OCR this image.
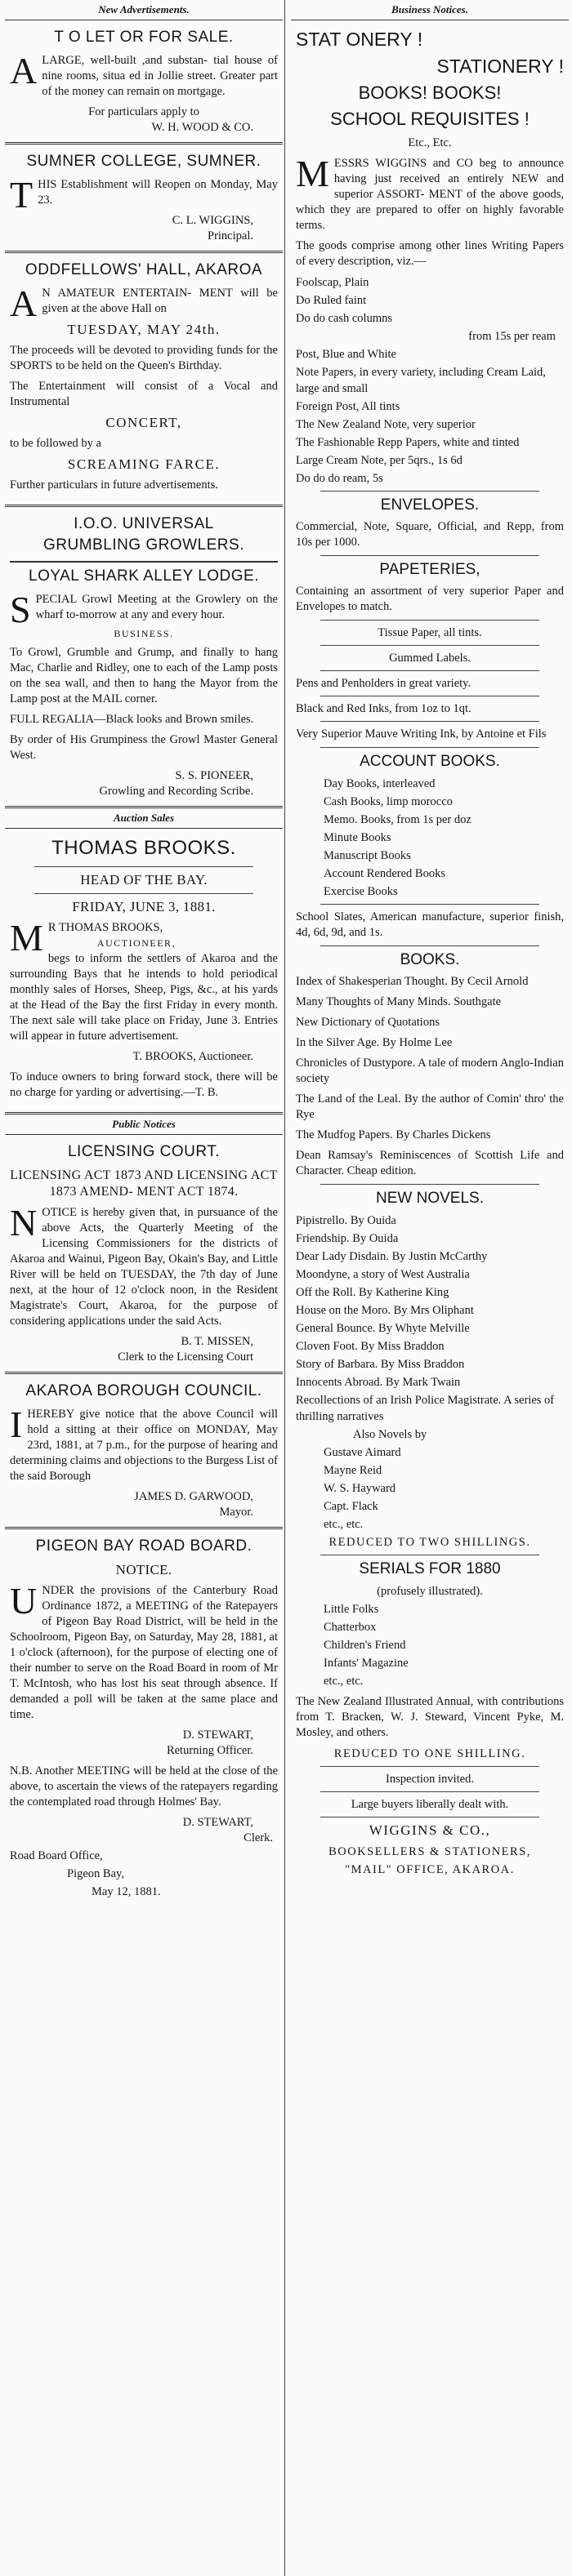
New Advertisements.
T O LET OR FOR SALE.
ALARGE, well-built ,and substan- tial house of nine rooms, situa ed in Jollie street. Greater part of the money can remain on mortgage.
For particulars apply to
W. H. WOOD & CO.
SUMNER COLLEGE, SUMNER.
THIS Establishment will Reopen on Monday, May 23.
C. L. WIGGINS,
Principal.
ODDFELLOWS' HALL, AKAROA
A N AMATEUR ENTERTAIN- MENT will be given at the above Hall on
TUESDAY, MAY 24th.
The proceeds will be devoted to providing funds for the SPORTS to be held on the Queen's Birthday.
The Entertainment will consist of a Vocal and Instrumental
CONCERT,
to be followed by a
SCREAMING FARCE.
Further particulars in future advertisements.
I.O.O. UNIVERSAL
GRUMBLING GROWLERS.
LOYAL SHARK ALLEY LODGE.
SPECIAL Growl Meeting at the Growlery on the wharf to-morrow at any and every hour.
BUSINESS.
To Growl, Grumble and Grump, and finally to hang Mac, Charlie and Ridley, one to each of the Lamp posts on the sea wall, and then to hang the Mayor from the Lamp post at the MAIL corner.
FULL REGALIA—Black looks and Brown smiles.
By order of His Grumpiness the Growl Master General West.
S. S. PIONEER,
Growling and Recording Scribe.
Auction Sales
THOMAS BROOKS.
HEAD OF THE BAY.
FRIDAY, JUNE 3, 1881.
M R THOMAS BROOKS,
AUCTIONEER,
begs to inform the settlers of Akaroa and the surrounding Bays that he intends to hold periodical monthly sales of Horses, Sheep, Pigs, &c., at his yards at the Head of the Bay the first Friday in every month. The next sale will take place on Friday, June 3. Entries will appear in future advertisement.
T. BROOKS, Auctioneer.
To induce owners to bring forward stock, there will be no charge for yarding or advertising.—T. B.
Public Notices
LICENSING COURT.
LICENSING ACT 1873 AND LICENSING ACT 1873 AMEND- MENT ACT 1874.
NOTICE is hereby given that, in pursuance of the above Acts, the Quarterly Meeting of the Licensing Commissioners for the districts of Akaroa and Wainui, Pigeon Bay, Okain's Bay, and Little River will be held on TUESDAY, the 7th day of June next, at the hour of 12 o'clock noon, in the Resident Magistrate's Court, Akaroa, for the purpose of considering applications under the said Acts.
B. T. MISSEN,
Clerk to the Licensing Court
AKAROA BOROUGH COUNCIL.
IHEREBY give notice that the above Council will hold a sitting at their office on MONDAY, May 23rd, 1881, at 7 p.m., for the purpose of hearing and determining claims and objections to the Burgess List of the said Borough
JAMES D. GARWOOD,
Mayor.
PIGEON BAY ROAD BOARD.
NOTICE.
UNDER the provisions of the Canterbury Road Ordinance 1872, a MEETING of the Ratepayers of Pigeon Bay Road District, will be held in the Schoolroom, Pigeon Bay, on Saturday, May 28, 1881, at 1 o'clock (afternoon), for the purpose of electing one of their number to serve on the Road Board in room of Mr T. McIntosh, who has lost his seat through absence. If demanded a poll will be taken at the same place and time.
D. STEWART,
Returning Officer.
N.B. Another MEETING will be held at the close of the above, to ascertain the views of the ratepayers regarding the contemplated road through Holmes' Bay.
D. STEWART,
Clerk.
Road Board Office,
Pigeon Bay,
May 12, 1881.
Business Notices.
STAT ONERY !
STATIONERY !
BOOKS! BOOKS!
SCHOOL REQUISITES !
Etc., Etc.
MESSRS WIGGINS and CO beg to announce having just received an entirely NEW and superior ASSORT- MENT of the above goods, which they are prepared to offer on highly favorable terms.
The goods comprise among other lines Writing Papers of every description, viz.—
Foolscap, Plain
Do Ruled faint
Do do cash columns
from 15s per ream
Post, Blue and White
Note Papers, in every variety, including Cream Laid, large and small
Foreign Post, All tints
The New Zealand Note, very superior
The Fashionable Repp Papers, white and tinted
Large Cream Note, per 5qrs., 1s 6d
Do do do ream, 5s
ENVELOPES.
Commercial, Note, Square, Official, and Repp, from 10s per 1000.
PAPETERIES,
Containing an assortment of very superior Paper and Envelopes to match.
Tissue Paper, all tints.
Gummed Labels.
Pens and Penholders in great variety.
Black and Red Inks, from 1oz to 1qt.
Very Superior Mauve Writing Ink, by Antoine et Fils
ACCOUNT BOOKS.
Day Books, interleaved
Cash Books, limp morocco
Memo. Books, from 1s per doz
Minute Books
Manuscript Books
Account Rendered Books
Exercise Books
School Slates, American manufacture, superior finish, 4d, 6d, 9d, and 1s.
BOOKS.
Index of Shakesperian Thought. By Cecil Arnold
Many Thoughts of Many Minds. Southgate
New Dictionary of Quotations
In the Silver Age. By Holme Lee
Chronicles of Dustypore. A tale of modern Anglo-Indian society
The Land of the Leal. By the author of Comin' thro' the Rye
The Mudfog Papers. By Charles Dickens
Dean Ramsay's Reminiscences of Scottish Life and Character. Cheap edition.
NEW NOVELS.
Pipistrello. By Ouida
Friendship. By Ouida
Dear Lady Disdain. By Justin McCarthy
Moondyne, a story of West Australia
Off the Roll. By Katherine King
House on the Moro. By Mrs Oliphant
General Bounce. By Whyte Melville
Cloven Foot. By Miss Braddon
Story of Barbara. By Miss Braddon
Innocents Abroad. By Mark Twain
Recollections of an Irish Police Magistrate. A series of thrilling narratives
Also Novels by
Gustave Aimard
Mayne Reid
W. S. Hayward
Capt. Flack
etc., etc.
REDUCED TO TWO SHILLINGS.
SERIALS FOR 1880
(profusely illustrated).
Little Folks
Chatterbox
Children's Friend
Infants' Magazine
etc., etc.
The New Zealand Illustrated Annual, with contributions from T. Bracken, W. J. Steward, Vincent Pyke, M. Mosley, and others.
REDUCED TO ONE SHILLING.
Inspection invited.
Large buyers liberally dealt with.
WIGGINS & CO.,
BOOKSELLERS & STATIONERS,
"MAIL" OFFICE, AKAROA.
